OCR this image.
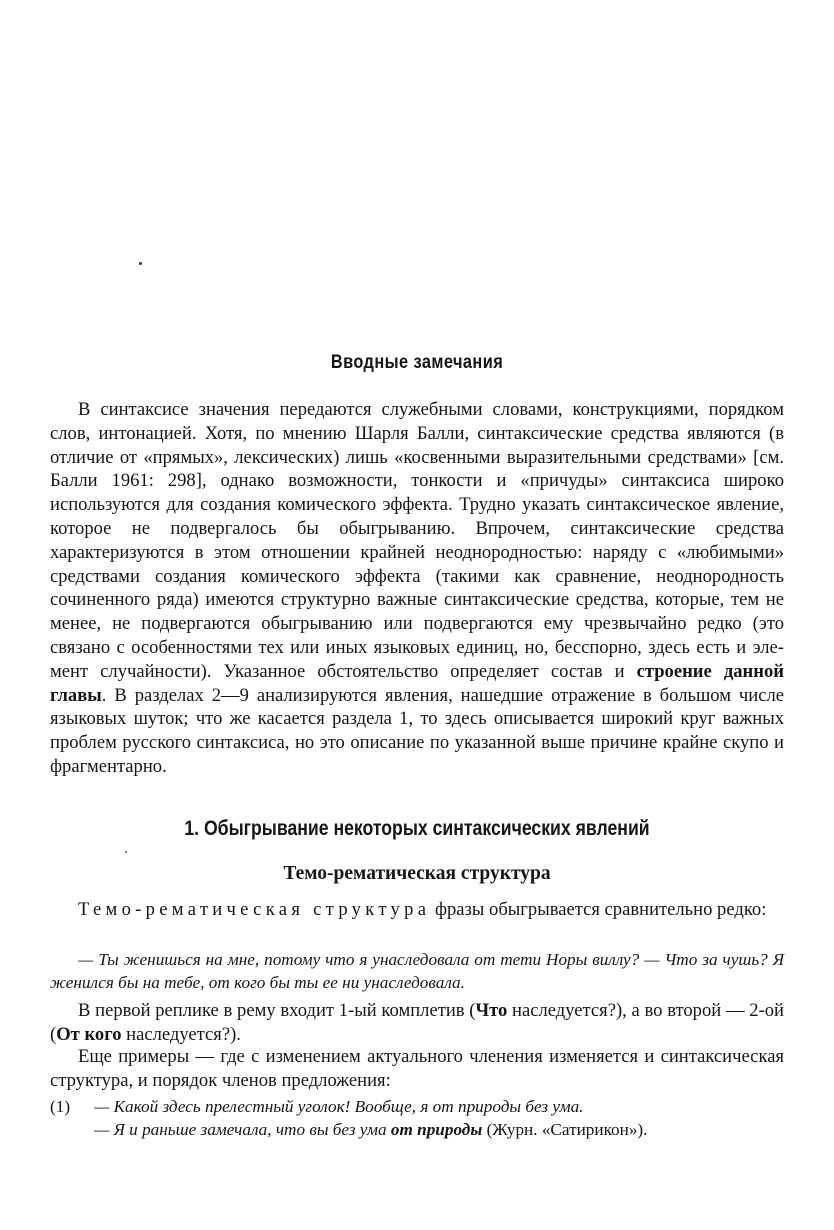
Вводные замечания
В синтаксисе значения передаются служебными словами, конструкциями, порядком слов, интонацией. Хотя, по мнению Шарля Балли, синтаксические средства являются (в отличие от «прямых», лексических) лишь «косвенными выразительными средствами» [см. Балли 1961: 298], однако возможности, тонкости и «причуды» синтаксиса широко используются для создания комического эффекта. Трудно указать синтаксическое явление, которое не подвергалось бы обыгрыванию. Впрочем, синтаксические средства характеризуются в этом отношении крайней неоднородностью: наряду с «любимыми» средствами создания комического эффекта (такими как сравнение, неоднородность сочиненного ряда) имеются структурно важные синтаксические средства, которые, тем не менее, не подвергаются обыгрыванию или подвергаются ему чрезвычайно редко (это связано с особенностями тех или иных языковых единиц, но, бесспорно, здесь есть и элемент случайности). Указанное обстоятельство определяет состав и строение данной главы. В разделах 2—9 анализируются явления, нашедшие отражение в большом числе языковых шуток; что же касается раздела 1, то здесь описывается широкий круг важных проблем русского синтаксиса, но это описание по указанной выше причине крайне скупо и фрагментарно.
1. Обыгрывание некоторых синтаксических явлений
Темо-рематическая структура
Темо-рематическая структура фразы обыгрывается сравнительно редко:
— Ты женишься на мне, потому что я унаследовала от тети Норы виллу? — Что за чушь? Я женился бы на тебе, от кого бы ты ее ни унаследовала.
В первой реплике в рему входит 1-ый комплетив (Что наследуется?), а во второй — 2-ой (От кого наследуется?).
Еще примеры — где с изменением актуального членения изменяется и синтаксическая структура, и порядок членов предложения:
(1) — Какой здесь прелестный уголок! Вообще, я от природы без ума.
— Я и раньше замечала, что вы без ума от природы (Журн. «Сатирикон»).
